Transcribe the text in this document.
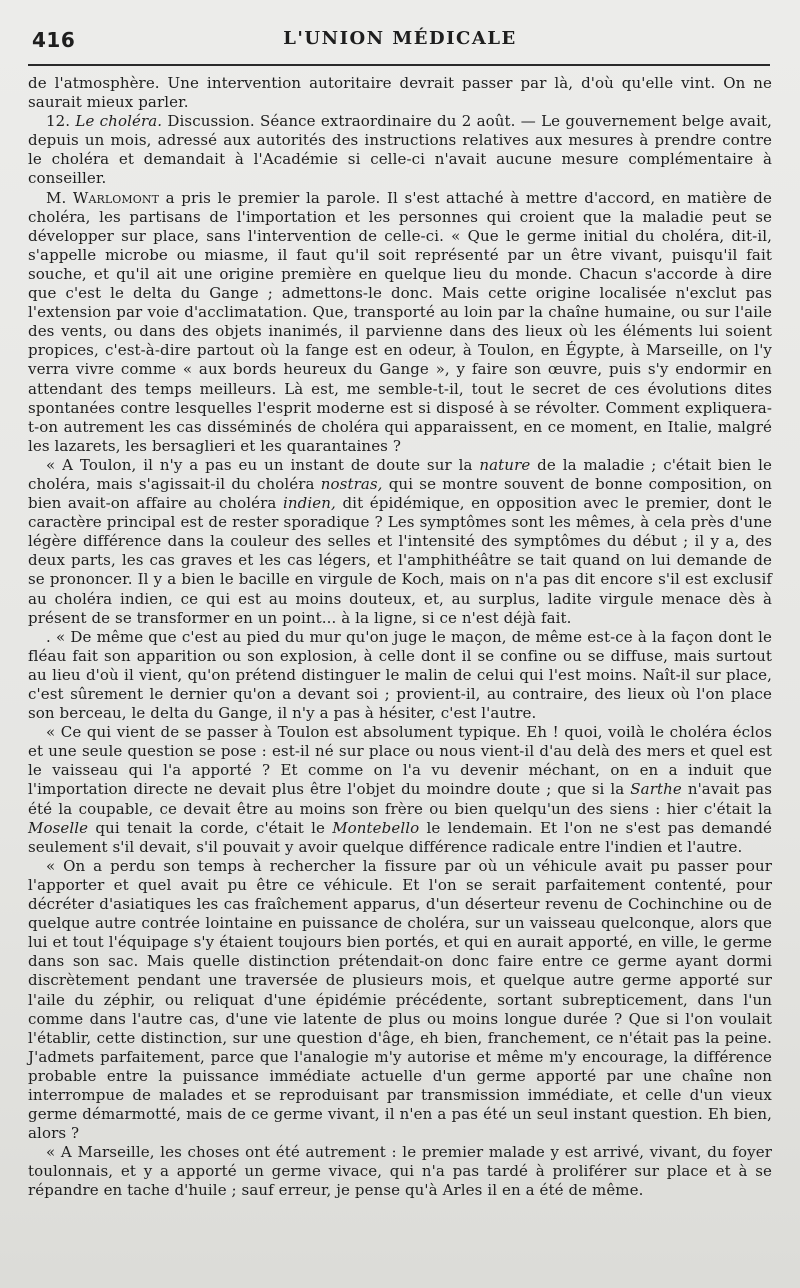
416	L'UNION MÉDICALE

de l'atmosphère. Une intervention autoritaire devrait passer par là, d'où qu'elle vint. On ne saurait mieux parler.

12. Le choléra. Discussion. Séance extraordinaire du 2 août. — Le gouvernement belge avait, depuis un mois, adressé aux autorités des instructions relatives aux mesures à prendre contre le choléra et demandait à l'Académie si celle-ci n'avait aucune mesure complémentaire à conseiller.

M. Warlomont a pris le premier la parole. Il s'est attaché à mettre d'accord, en matière de choléra, les partisans de l'importation et les personnes qui croient que la maladie peut se développer sur place, sans l'intervention de celle-ci. « Que le germe initial du choléra, dit-il, s'appelle microbe ou miasme, il faut qu'il soit représenté par un être vivant, puisqu'il fait souche, et qu'il ait une origine première en quelque lieu du monde. Chacun s'accorde à dire que c'est le delta du Gange ; admettons-le donc. Mais cette origine localisée n'exclut pas l'extension par voie d'acclimatation. Que, transporté au loin par la chaîne humaine, ou sur l'aile des vents, ou dans des objets inanimés, il parvienne dans des lieux où les éléments lui soient propices, c'est-à-dire partout où la fange est en odeur, à Toulon, en Égypte, à Marseille, on l'y verra vivre comme « aux bords heureux du Gange », y faire son œuvre, puis s'y endormir en attendant des temps meilleurs. Là est, me semble-t-il, tout le secret de ces évolutions dites spontanées contre lesquelles l'esprit moderne est si disposé à se révolter. Comment expliquera-t-on autrement les cas disséminés de choléra qui apparaissent, en ce moment, en Italie, malgré les lazarets, les bersaglieri et les quarantaines ?

« A Toulon, il n'y a pas eu un instant de doute sur la nature de la maladie ; c'était bien le choléra, mais s'agissait-il du choléra nostras, qui se montre souvent de bonne composition, on bien avait-on affaire au choléra indien, dit épidémique, en opposition avec le premier, dont le caractère principal est de rester sporadique ? Les symptômes sont les mêmes, à cela près d'une légère différence dans la couleur des selles et l'intensité des symptômes du début ; il y a, des deux parts, les cas graves et les cas légers, et l'amphithéâtre se tait quand on lui demande de se prononcer. Il y a bien le bacille en virgule de Koch, mais on n'a pas dit encore s'il est exclusif au choléra indien, ce qui est au moins douteux, et, au surplus, ladite virgule menace dès à présent de se transformer en un point... à la ligne, si ce n'est déjà fait.

. « De même que c'est au pied du mur qu'on juge le maçon, de même est-ce à la façon dont le fléau fait son apparition ou son explosion, à celle dont il se confine ou se diffuse, mais surtout au lieu d'où il vient, qu'on prétend distinguer le malin de celui qui l'est moins. Naît-il sur place, c'est sûrement le dernier qu'on a devant soi ; provient-il, au contraire, des lieux où l'on place son berceau, le delta du Gange, il n'y a pas à hésiter, c'est l'autre.

« Ce qui vient de se passer à Toulon est absolument typique. Eh ! quoi, voilà le choléra éclos et une seule question se pose : est-il né sur place ou nous vient-il d'au delà des mers et quel est le vaisseau qui l'a apporté ? Et comme on l'a vu devenir méchant, on en a induit que l'importation directe ne devait plus être l'objet du moindre doute ; que si la Sarthe n'avait pas été la coupable, ce devait être au moins son frère ou bien quelqu'un des siens : hier c'était la Moselle qui tenait la corde, c'était le Montebello le lendemain. Et l'on ne s'est pas demandé seulement s'il devait, s'il pouvait y avoir quelque différence radicale entre l'indien et l'autre.

« On a perdu son temps à rechercher la fissure par où un véhicule avait pu passer pour l'apporter et quel avait pu être ce véhicule. Et l'on se serait parfaitement contenté, pour décréter d'asiatiques les cas fraîchement apparus, d'un déserteur revenu de Cochinchine ou de quelque autre contrée lointaine en puissance de choléra, sur un vaisseau quelconque, alors que lui et tout l'équipage s'y étaient toujours bien portés, et qui en aurait apporté, en ville, le germe dans son sac. Mais quelle distinction prétendait-on donc faire entre ce germe ayant dormi discrètement pendant une traversée de plusieurs mois, et quelque autre germe apporté sur l'aile du zéphir, ou reliquat d'une épidémie précédente, sortant subrepticement, dans l'un comme dans l'autre cas, d'une vie latente de plus ou moins longue durée ? Que si l'on voulait l'établir, cette distinction, sur une question d'âge, eh bien, franchement, ce n'était pas la peine. J'admets parfaitement, parce que l'analogie m'y autorise et même m'y encourage, la différence probable entre la puissance immédiate actuelle d'un germe apporté par une chaîne non interrompue de malades et se reproduisant par transmission immédiate, et celle d'un vieux germe démarmotté, mais de ce germe vivant, il n'en a pas été un seul instant question. Eh bien, alors ?

« A Marseille, les choses ont été autrement : le premier malade y est arrivé, vivant, du foyer toulonnais, et y a apporté un germe vivace, qui n'a pas tardé à proliférer sur place et à se répandre en tache d'huile ; sauf erreur, je pense qu'à Arles il en a été de même.
